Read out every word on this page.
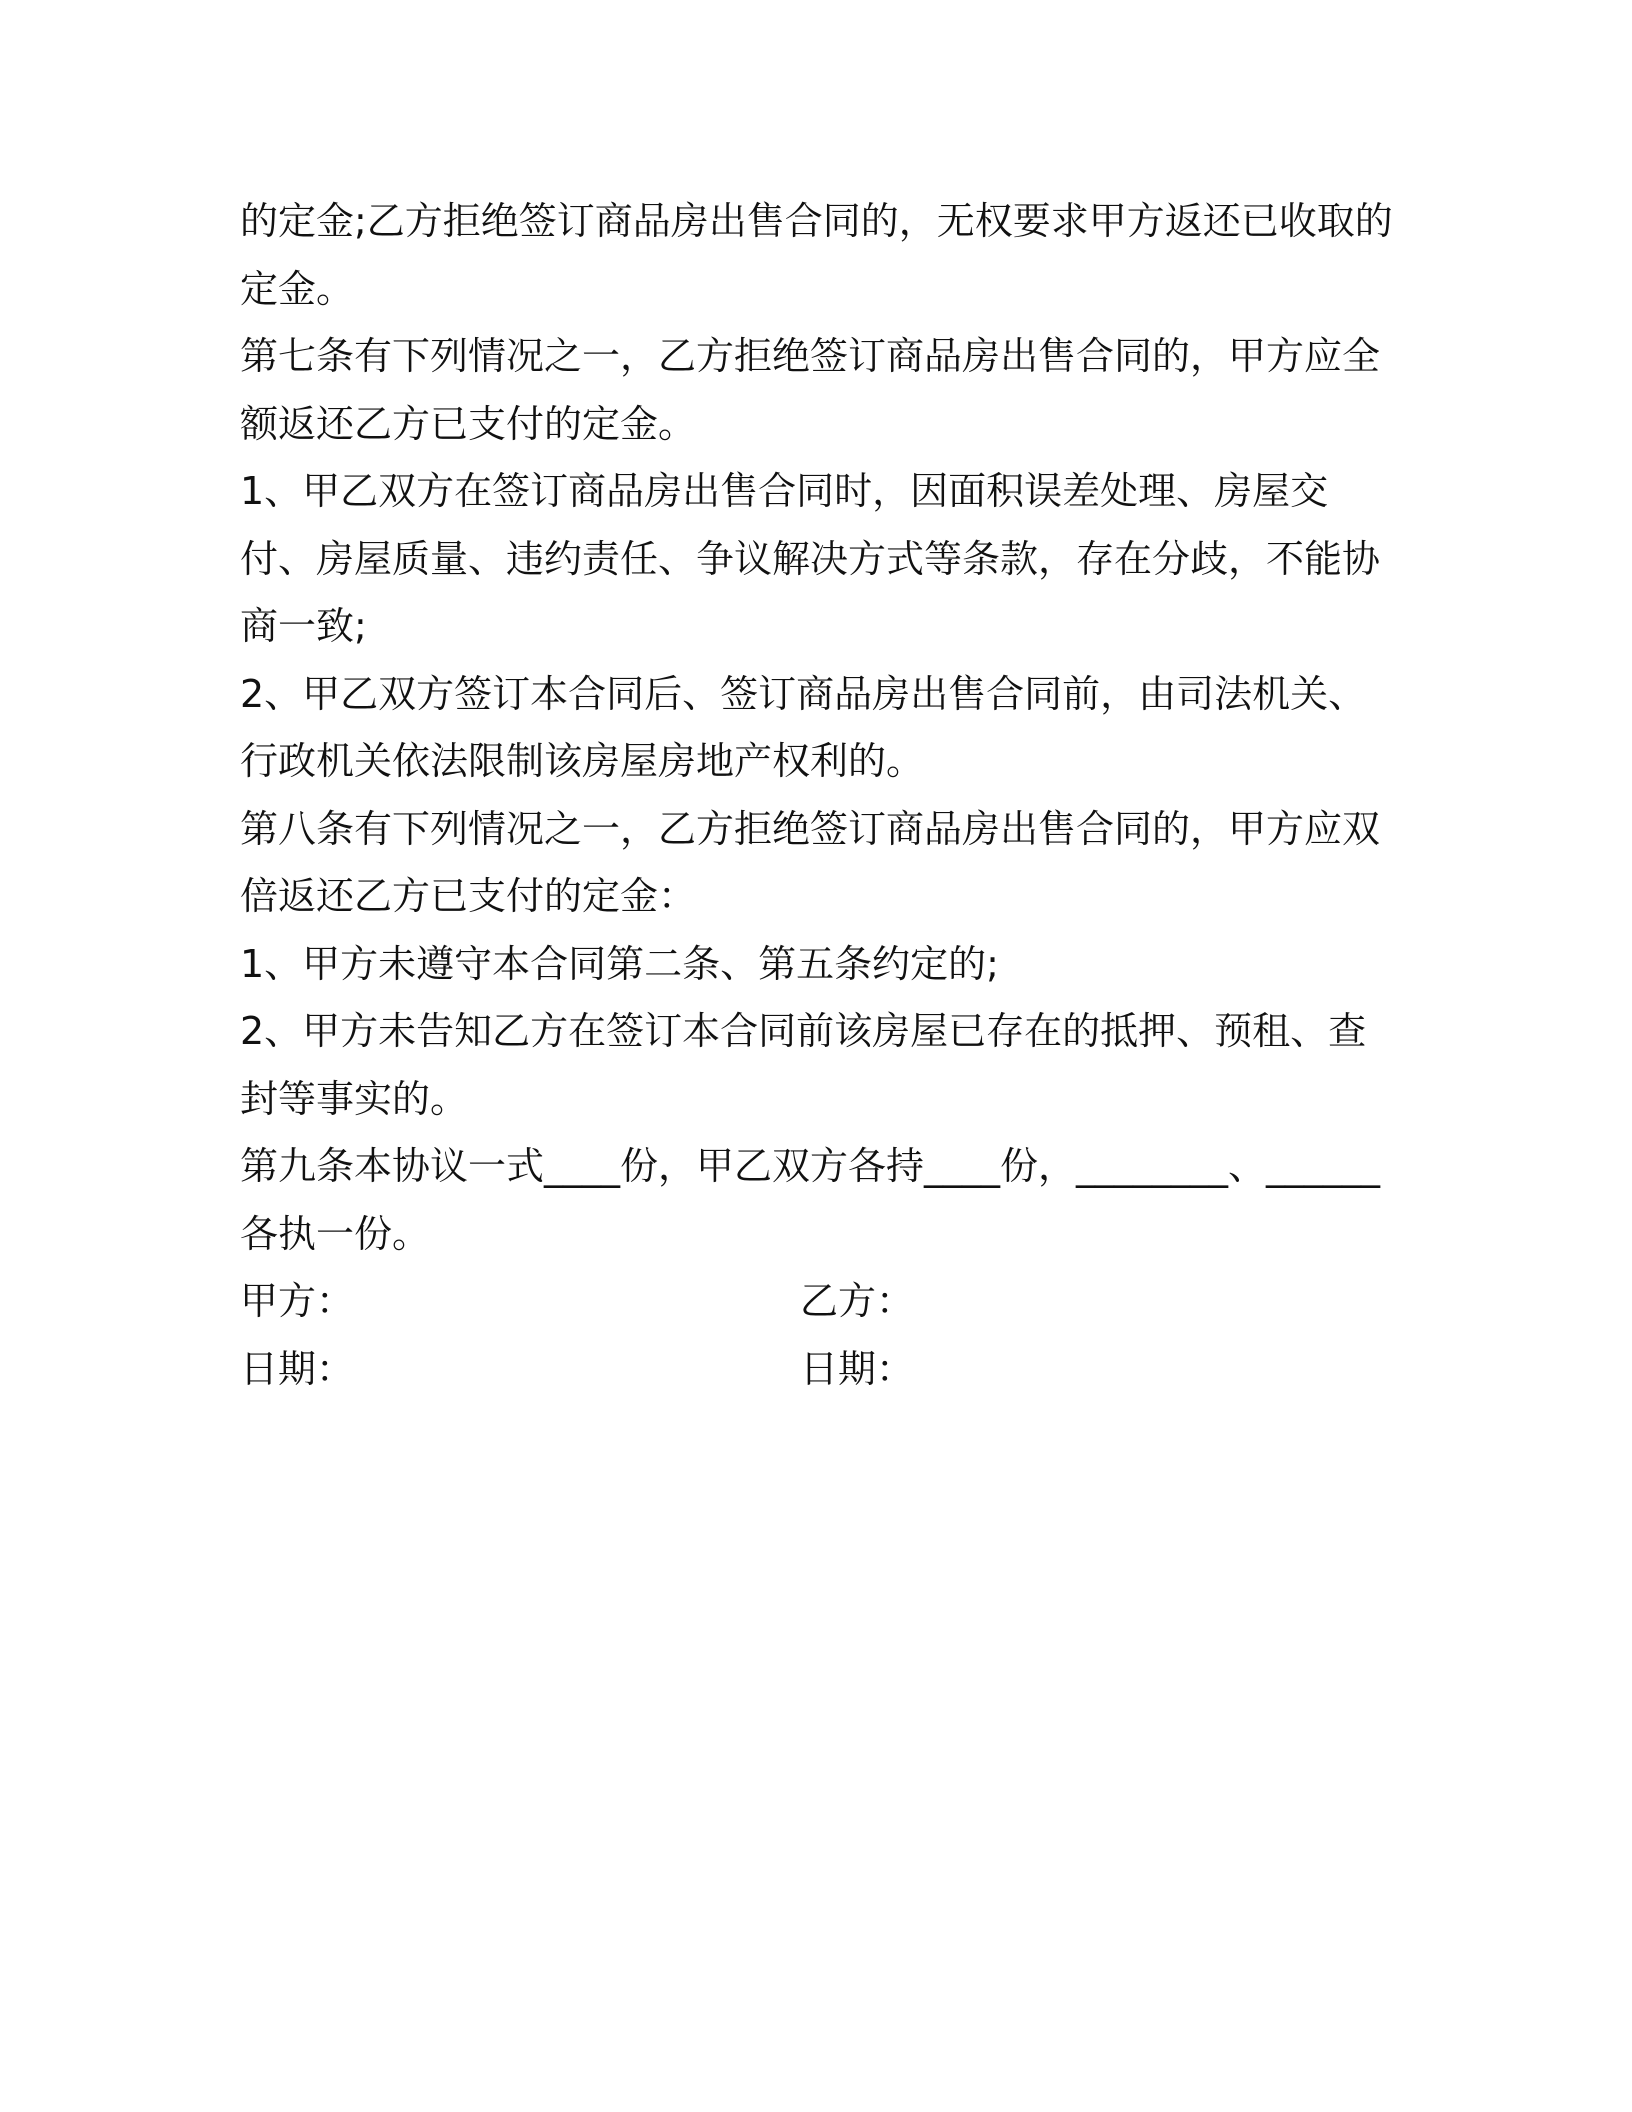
的定金;乙方拒绝签订商品房出售合同的，无权要求甲方返还已收取的定金。

第七条有下列情况之一，乙方拒绝签订商品房出售合同的，甲方应全额返还乙方已支付的定金。

1、甲乙双方在签订商品房出售合同时，因面积误差处理、房屋交付、房屋质量、违约责任、争议解决方式等条款，存在分歧，不能协商一致;

2、甲乙双方签订本合同后、签订商品房出售合同前，由司法机关、行政机关依法限制该房屋房地产权利的。

第八条有下列情况之一，乙方拒绝签订商品房出售合同的，甲方应双倍返还乙方已支付的定金：

1、甲方未遵守本合同第二条、第五条约定的;

2、甲方未告知乙方在签订本合同前该房屋已存在的抵押、预租、查封等事实的。

第九条本协议一式____份，甲乙双方各持____份，________、______各执一份。

甲方：	乙方：
日期：	日期：
